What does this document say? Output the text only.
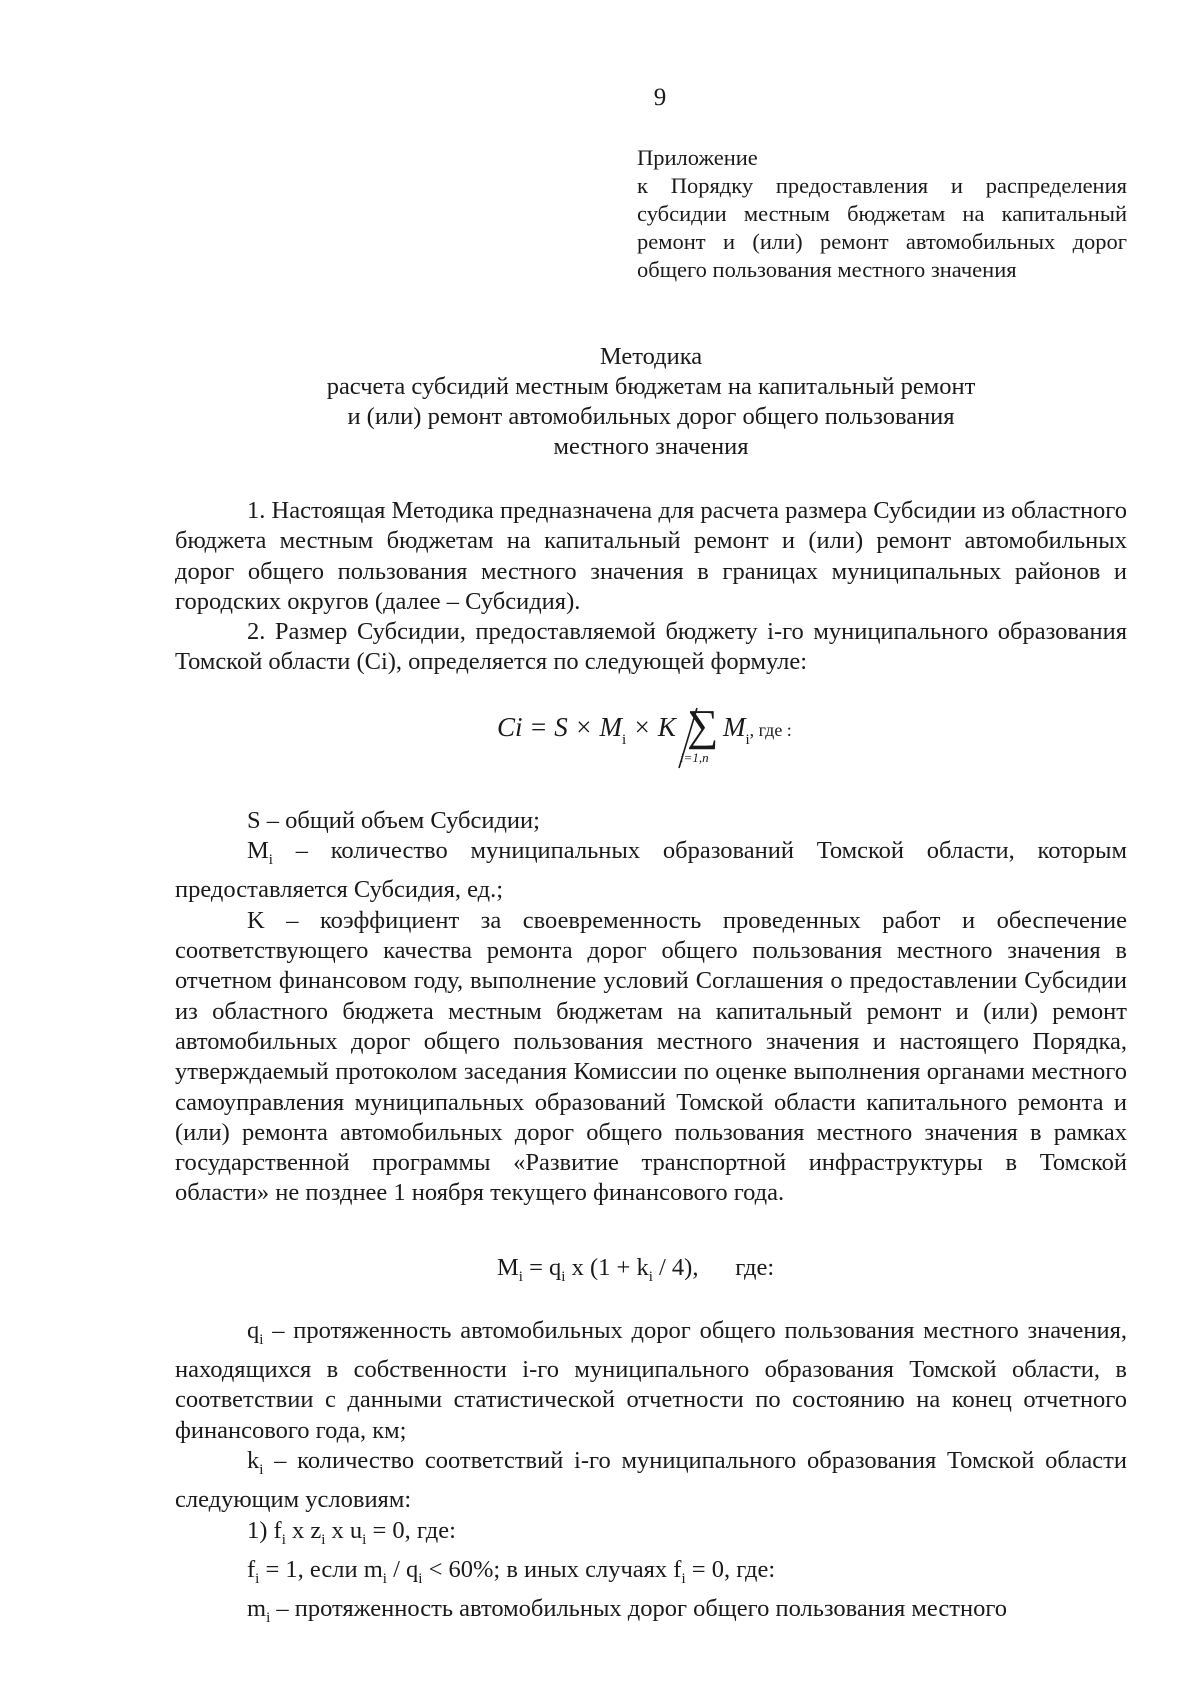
9
Приложение
к Порядку предоставления и распределения
субсидии местным бюджетам на капитальный
ремонт и (или) ремонт автомобильных дорог
общего пользования местного значения
Методика
расчета субсидий местным бюджетам на капитальный ремонт
и (или) ремонт автомобильных дорог общего пользования
местного значения

1. Настоящая Методика предназначена для расчета размера Субсидии из областного бюджета местным бюджетам на капитальный ремонт и (или) ремонт автомобильных дорог общего пользования местного значения в границах муниципальных районов и городских округов (далее – Субсидия).

2. Размер Субсидии, предоставляемой бюджету i-го муниципального образования Томской области (Ci), определяется по следующей формуле:

$Ci = S \times M_i \times K$ ∑
i=1,n
$M_i$, где :

S – общий объем Субсидии;

$M_i$ – количество муниципальных образований Томской области, которым предоставляется Субсидия, ед.;

K – коэффициент за своевременность проведенных работ и обеспечение соответствующего качества ремонта дорог общего пользования местного значения в отчетном финансовом году, выполнение условий Соглашения о предоставлении Субсидии из областного бюджета местным бюджетам на капитальный ремонт и (или) ремонт автомобильных дорог общего пользования местного значения и настоящего Порядка, утверждаемый протоколом заседания Комиссии по оценке выполнения органами местного самоуправления муниципальных образований Томской области капитального ремонта и (или) ремонта автомобильных дорог общего пользования местного значения в рамках государственной программы «Развитие транспортной инфраструктуры в Томской области» не позднее 1 ноября текущего финансового года.

$M_i = q_i$ x $(1 + k_i / 4)$, где:

$q_i$ – протяженность автомобильных дорог общего пользования местного значения, находящихся в собственности i-го муниципального образования Томской области, в соответствии с данными статистической отчетности по состоянию на конец отчетного финансового года, км;

$k_i$ – количество соответствий i-го муниципального образования Томской области следующим условиям:

1) $f_i$ x $z_i$ x $u_i = 0$, где:

$f_i = 1$, если $m_i / q_i < 60\%$; в иных случаях $f_i = 0$, где:

$m_i$ – протяженность автомобильных дорог общего пользования местного
